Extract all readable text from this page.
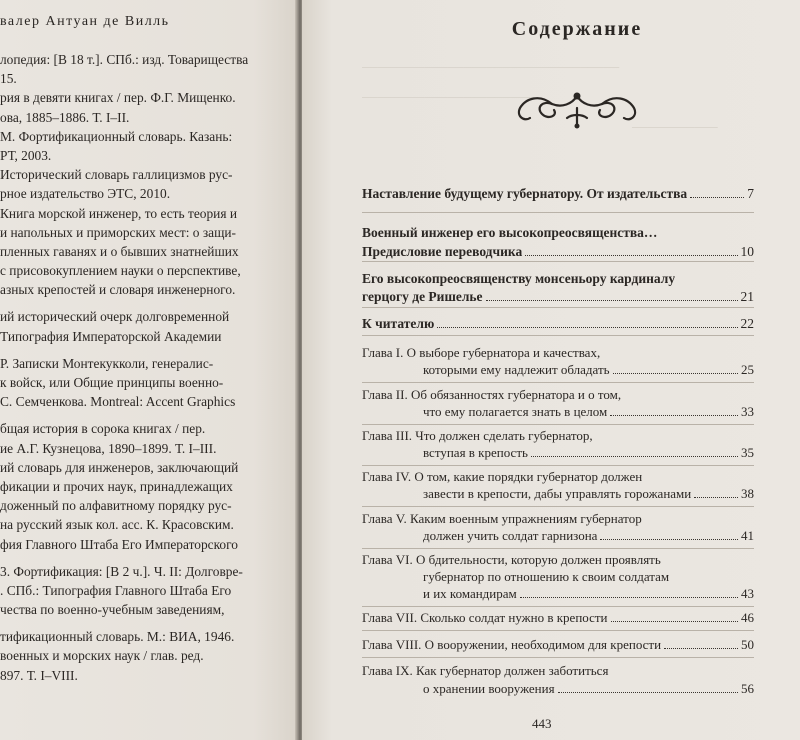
валер Антуан де Вилль
лопедия: [В 18 т.]. СПб.: изд. Товарищества
15.
рия в девяти книгах / пер. Ф.Г. Мищенко.
ова, 1885–1886. Т. I–II.
М. Фортификационный словарь. Казань:
РТ, 2003.
Исторический словарь галлицизмов рус-
рное издательство ЭТС, 2010.
Книга морской инженер, то есть теория и
и напольных и приморских мест: о защи-
пленных гаванях и о бывших знатнейших
с присовокуплением науки о перспективе,
азных крепостей и словаря инженерного.
ий исторический очерк долговременной
Типография Императорской Академии
Р. Записки Монтекукколи, генералис-
к войск, или Общие принципы военно-
С. Семченкова. Montreal: Accent Graphics
бщая история в сорока книгах / пер.
ие А.Г. Кузнецова, 1890–1899. Т. I–III.
ий словарь для инженеров, заключающий
фикации и прочих наук, принадлежащих
доженный по алфавитному порядку рус-
на русский язык кол. асс. К. Красовским.
фия Главного Штаба Его Императорского
3. Фортификация: [В 2 ч.]. Ч. II: Долговре-
. СПб.: Типография Главного Штаба Его
чества по военно-учебным заведениям,
тификационный словарь. М.: ВИА, 1946.
военных и морских наук / глав. ред.
897. Т. I–VIII.
─────────────────────────────────
──────────────────────
───────────
Содержание
Наставление будущему губернатору. От издательства	7
Военный инженер его высокопреосвященства…
Предисловие переводчика	10
Его высокопреосвященству монсеньору кардиналу
герцогу де Ришелье	21
К читателю	22
Глава I. О выборе губернатора и качествах,
которыми ему надлежит обладать	25
Глава II. Об обязанностях губернатора и о том,
что ему полагается знать в целом	33
Глава III. Что должен сделать губернатор,
вступая в крепость	35
Глава IV. О том, какие порядки губернатор должен
завести в крепости, дабы управлять горожанами	38
Глава V. Каким военным упражнениям губернатор
должен учить солдат гарнизона	41
Глава VI. О бдительности, которую должен проявлять
губернатор по отношению к своим солдатам
и их командирам	43
Глава VII. Сколько солдат нужно в крепости	46
Глава VIII. О вооружении, необходимом для крепости	50
Глава IX. Как губернатор должен заботиться
о хранении вооружения	56
443
